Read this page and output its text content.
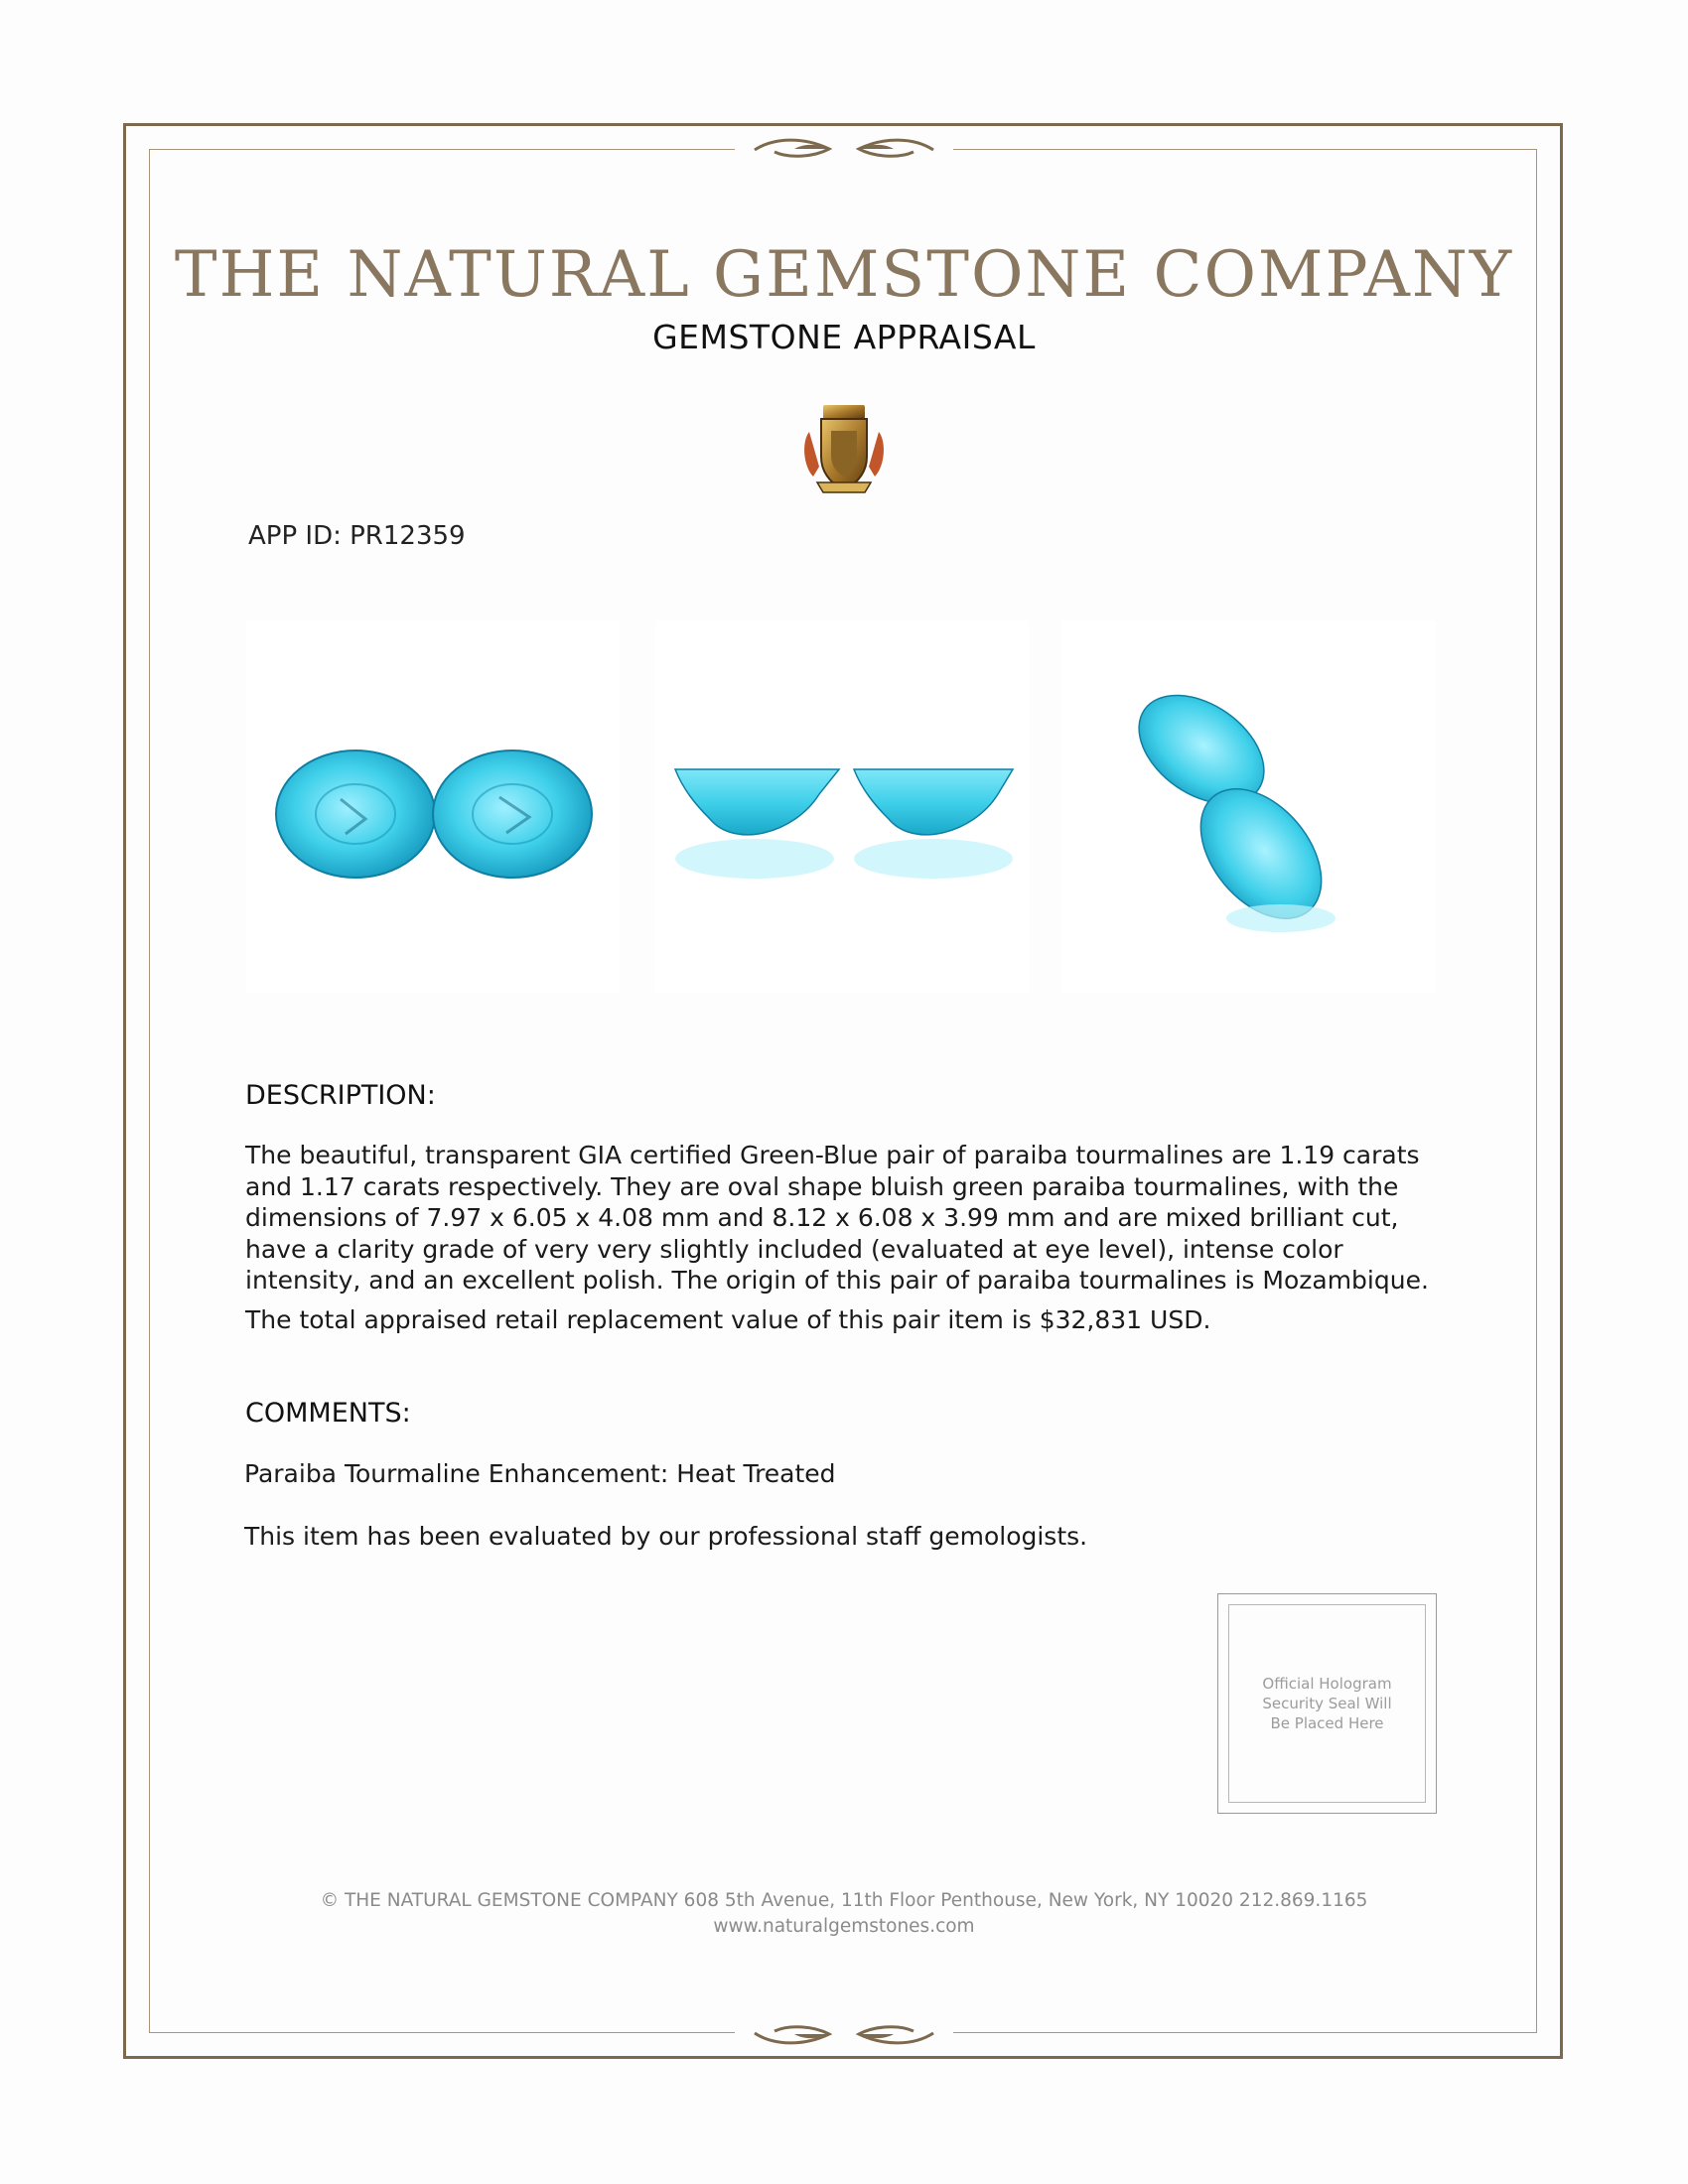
THE NATURAL GEMSTONE COMPANY
GEMSTONE APPRAISAL
APP ID: PR12359
DESCRIPTION:

The beautiful, transparent GIA certified Green-Blue pair of paraiba tourmalines are 1.19 carats and 1.17 carats respectively. They are oval shape bluish green paraiba tourmalines, with the dimensions of 7.97 x 6.05 x 4.08 mm and 8.12 x 6.08 x 3.99 mm and are mixed brilliant cut, have a clarity grade of very very slightly included (evaluated at eye level), intense color intensity, and an excellent polish. The origin of this pair of paraiba tourmalines is Mozambique.

The total appraised retail replacement value of this pair item is $32,831 USD.

COMMENTS:
Paraiba Tourmaline Enhancement: Heat Treated
This item has been evaluated by our professional staff gemologists.
Official Hologram Security Seal Will Be Placed Here
© THE NATURAL GEMSTONE COMPANY 608 5th Avenue, 11th Floor Penthouse, New York, NY 10020 212.869.1165
www.naturalgemstones.com
